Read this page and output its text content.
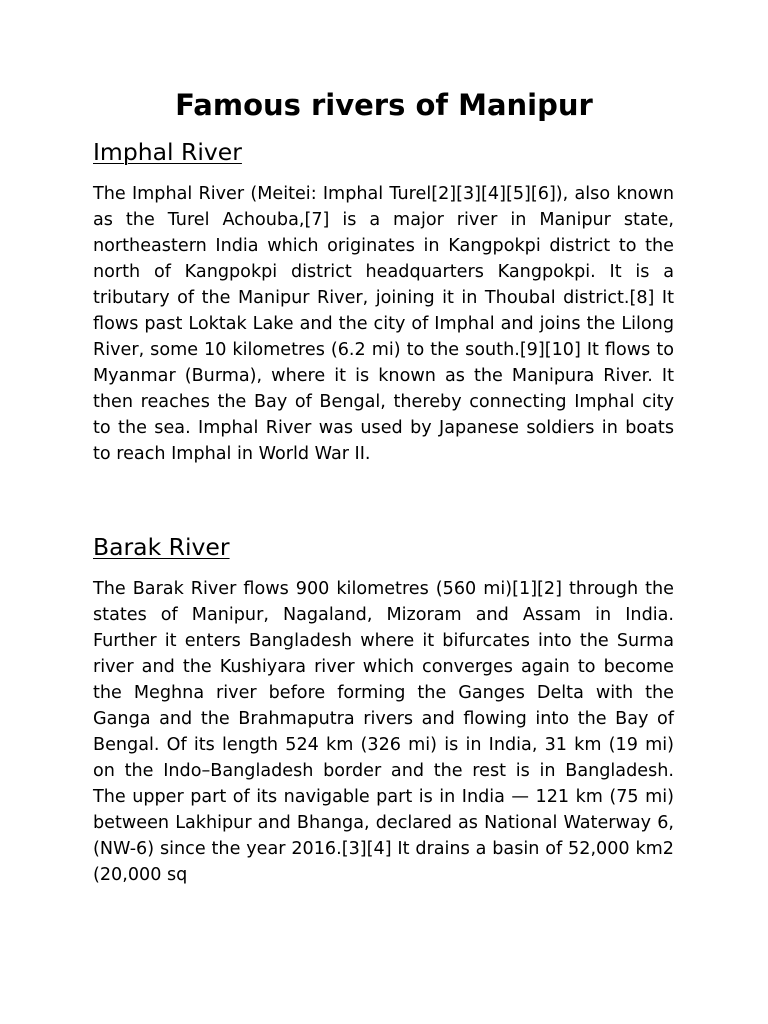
Famous rivers of Manipur
Imphal River

The Imphal River (Meitei: Imphal Turel[2][3][4][5][6]), also known as the Turel Achouba,[7] is a major river in Manipur state, northeastern India which originates in Kangpokpi district to the north of Kangpokpi district headquarters Kangpokpi. It is a tributary of the Manipur River, joining it in Thoubal district.[8] It flows past Loktak Lake and the city of Imphal and joins the Lilong River, some 10 kilometres (6.2 mi) to the south.[9][10] It flows to Myanmar (Burma), where it is known as the Manipura River. It then reaches the Bay of Bengal, thereby connecting Imphal city to the sea. Imphal River was used by Japanese soldiers in boats to reach Imphal in World War II.

Barak River

The Barak River flows 900 kilometres (560 mi)[1][2] through the states of Manipur, Nagaland, Mizoram and Assam in India. Further it enters Bangladesh where it bifurcates into the Surma river and the Kushiyara river which converges again to become the Meghna river before forming the Ganges Delta with the Ganga and the Brahmaputra rivers and flowing into the Bay of Bengal. Of its length 524 km (326 mi) is in India, 31 km (19 mi) on the Indo–Bangladesh border and the rest is in Bangladesh. The upper part of its navigable part is in India — 121 km (75 mi) between Lakhipur and Bhanga, declared as National Waterway 6, (NW-6) since the year 2016.[3][4] It drains a basin of 52,000 km2 (20,000 sq
